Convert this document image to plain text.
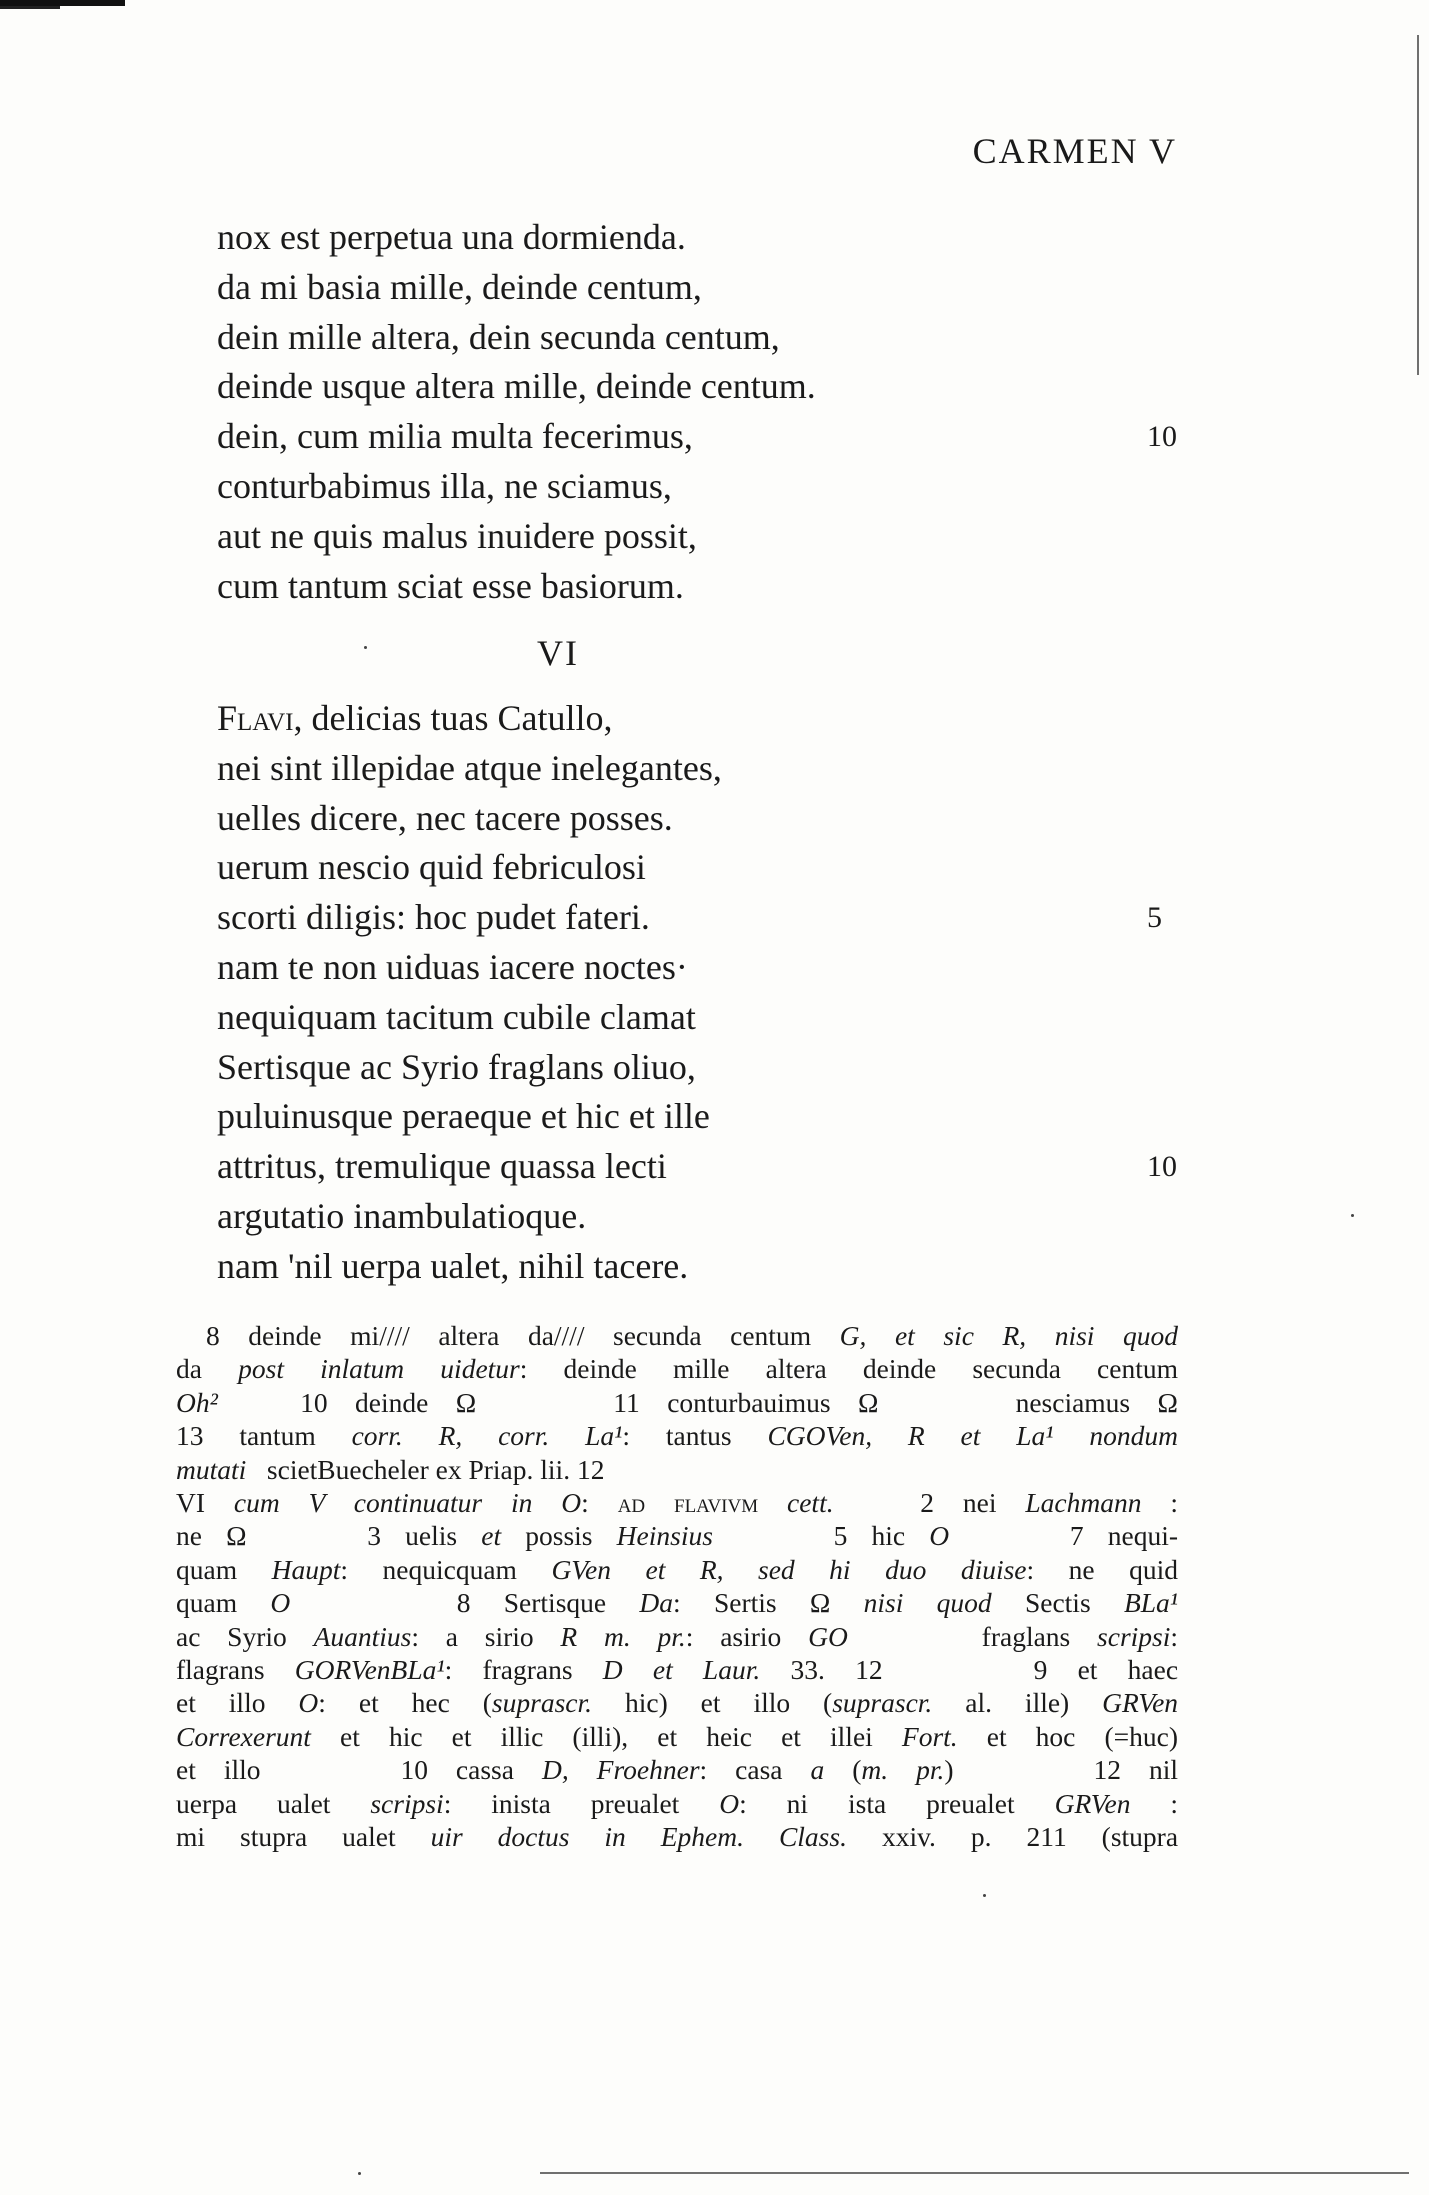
CARMEN V
nox est perpetua una dormienda.
da mi basia mille, deinde centum,
dein mille altera, dein secunda centum,
deinde usque altera mille, deinde centum.
dein, cum milia multa fecerimus,	10
conturbabimus illa, ne sciamus,
aut ne quis malus inuidere possit,
cum tantum sciat esse basiorum.
VI
Flavi, delicias tuas Catullo,
nei sint illepidae atque inelegantes,
uelles dicere, nec tacere posses.
uerum nescio quid febriculosi
scorti diligis: hoc pudet fateri.	5
nam te non uiduas iacere noctes·
nequiquam tacitum cubile clamat
Sertisque ac Syrio fraglans oliuo,
puluinusque peraeque et hic et ille
attritus, tremulique quassa lecti	10
argutatio inambulatioque.
nam 'nil uerpa ualet, nihil tacere.

8 deinde mi//// altera da//// secunda centum G, et sic R, nisi quod

da post inlatum uidetur: deinde mille altera deinde secunda centum

Oh²   10 deinde Ω     11 conturbauimus Ω     nesciamus Ω

13 tantum corr. R, corr. La¹: tantus CGOVen, R et La¹ nondum

mutati   scietBuecheler ex Priap. lii. 12

VI cum V continuatur in O: ad flavivm cett.   2 nei Lachmann :

ne Ω     3 uelis et possis Heinsius     5 hic O     7 nequi-

quam Haupt: nequicquam GVen et R, sed hi duo diuise: ne quid

quam O     8 Sertisque Da: Sertis Ω nisi quod Sectis BLa¹

ac Syrio Auantius: a sirio R m. pr.: asirio GO     fraglans scripsi:

flagrans GORVenBLa¹: fragrans D et Laur. 33. 12     9 et haec

et illo O: et hec (suprascr. hic) et illo (suprascr. al. ille) GRVen

Correxerunt et hic et illic (illi), et heic et illei Fort. et hoc (=huc)

et illo     10 cassa D, Froehner: casa a (m. pr.)     12 nil

uerpa ualet scripsi: inista preualet O: ni ista preualet GRVen :

mi stupra ualet uir doctus in Ephem. Class. xxiv. p. 211 (stupra
